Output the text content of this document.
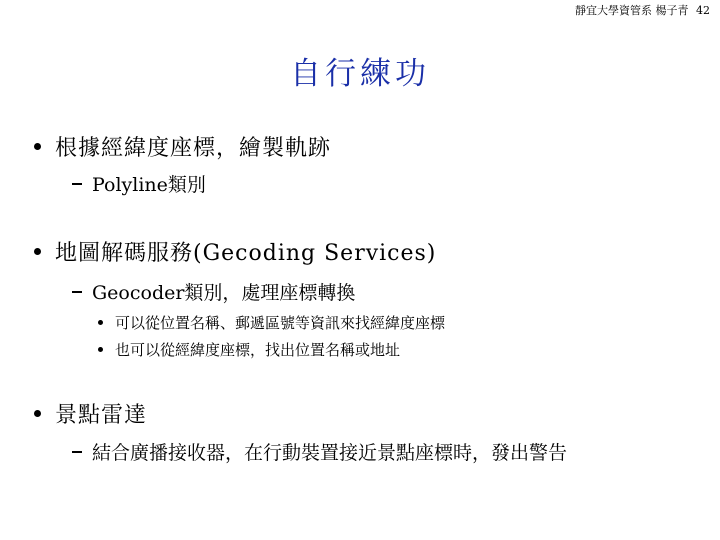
靜宜大學資管系 楊子青 42
自行練功
根據經緯度座標，繪製軌跡
Polyline類別
地圖解碼服務(Gecoding Services)
Geocoder類別，處理座標轉換
可以從位置名稱、郵遞區號等資訊來找經緯度座標
也可以從經緯度座標，找出位置名稱或地址
景點雷達
結合廣播接收器，在行動裝置接近景點座標時，發出警告
